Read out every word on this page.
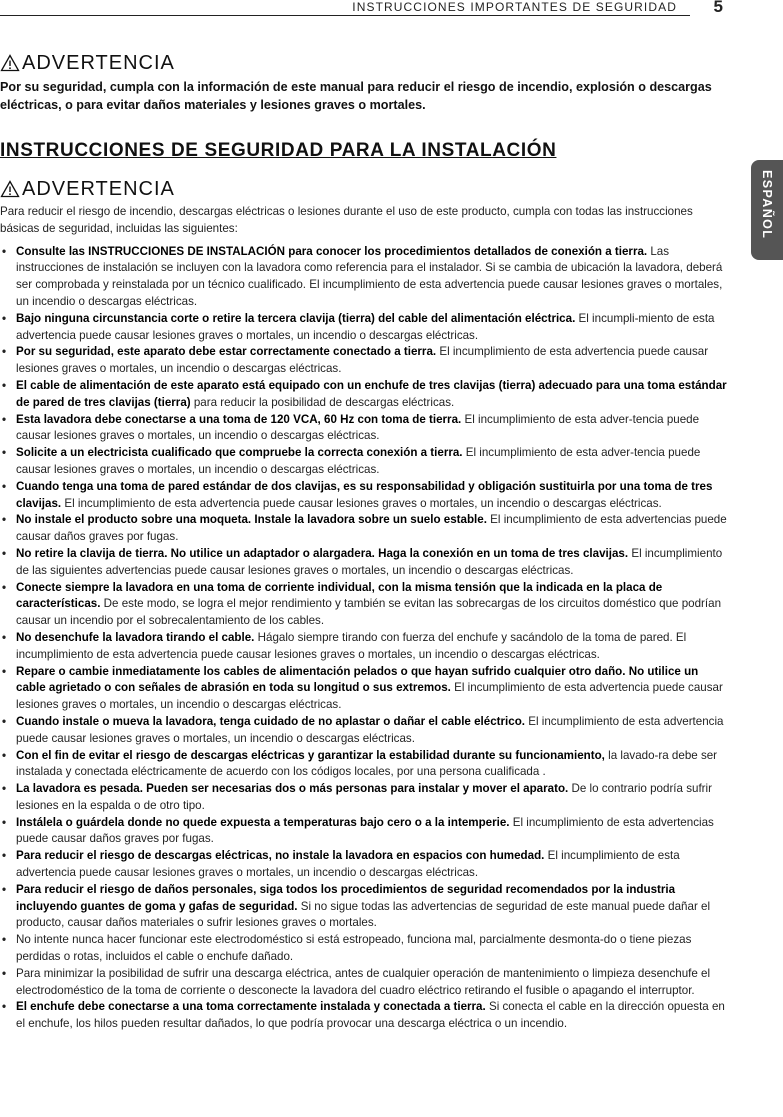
INSTRUCCIONES IMPORTANTES DE SEGURIDAD	5
ESPAÑOL
ADVERTENCIA

Por su seguridad, cumpla con la información de este manual para reducir el riesgo de incendio, explosión o descargas eléctricas, o para evitar daños materiales y lesiones graves o mortales.

INSTRUCCIONES DE SEGURIDAD PARA LA INSTALACIÓN
ADVERTENCIA

Para reducir el riesgo de incendio, descargas eléctricas o lesiones durante el uso de este producto, cumpla con todas las instrucciones básicas de seguridad, incluidas las siguientes:

• Consulte las INSTRUCCIONES DE INSTALACIÓN para conocer los procedimientos detallados de conexión a tierra. Las instrucciones de instalación se incluyen con la lavadora como referencia para el instalador. Si se cambia de ubicación la lavadora, deberá ser comprobada y reinstalada por un técnico cualificado. El incumplimiento de esta advertencia puede causar lesiones graves o mortales, un incendio o descargas eléctricas.
• Bajo ninguna circunstancia corte o retire la tercera clavija (tierra) del cable del alimentación eléctrica. El incumpli-miento de esta advertencia puede causar lesiones graves o mortales, un incendio o descargas eléctricas.
• Por su seguridad, este aparato debe estar correctamente conectado a tierra. El incumplimiento de esta advertencia puede causar lesiones graves o mortales, un incendio o descargas eléctricas.
• El cable de alimentación de este aparato está equipado con un enchufe de tres clavijas (tierra) adecuado para una toma estándar de pared de tres clavijas (tierra) para reducir la posibilidad de descargas eléctricas.
• Esta lavadora debe conectarse a una toma de 120 VCA, 60 Hz con toma de tierra. El incumplimiento de esta adver-tencia puede causar lesiones graves o mortales, un incendio o descargas eléctricas.
• Solicite a un electricista cualificado que compruebe la correcta conexión a tierra. El incumplimiento de esta adver-tencia puede causar lesiones graves o mortales, un incendio o descargas eléctricas.
• Cuando tenga una toma de pared estándar de dos clavijas, es su responsabilidad y obligación sustituirla por una toma de tres clavijas. El incumplimiento de esta advertencia puede causar lesiones graves o mortales, un incendio o descargas eléctricas.
• No instale el producto sobre una moqueta. Instale la lavadora sobre un suelo estable. El incumplimiento de esta advertencias puede causar daños graves por fugas.
• No retire la clavija de tierra. No utilice un adaptador o alargadera. Haga la conexión en un toma de tres clavijas. El incumplimiento de las siguientes advertencias puede causar lesiones graves o mortales, un incendio o descargas eléctricas.
• Conecte siempre la lavadora en una toma de corriente individual, con la misma tensión que la indicada en la placa de características. De este modo, se logra el mejor rendimiento y también se evitan las sobrecargas de los circuitos doméstico que podrían causar un incendio por el sobrecalentamiento de los cables.
• No desenchufe la lavadora tirando el cable. Hágalo siempre tirando con fuerza del enchufe y sacándolo de la toma de pared. El incumplimiento de esta advertencia puede causar lesiones graves o mortales, un incendio o descargas eléctricas.
• Repare o cambie inmediatamente los cables de alimentación pelados o que hayan sufrido cualquier otro daño. No utilice un cable agrietado o con señales de abrasión en toda su longitud o sus extremos. El incumplimiento de esta advertencia puede causar lesiones graves o mortales, un incendio o descargas eléctricas.
• Cuando instale o mueva la lavadora, tenga cuidado de no aplastar o dañar el cable eléctrico. El incumplimiento de esta advertencia puede causar lesiones graves o mortales, un incendio o descargas eléctricas.
• Con el fin de evitar el riesgo de descargas eléctricas y garantizar la estabilidad durante su funcionamiento, la lavado-ra debe ser instalada y conectada eléctricamente de acuerdo con los códigos locales, por una persona cualificada .
• La lavadora es pesada. Pueden ser necesarias dos o más personas para instalar y mover el aparato. De lo contrario podría sufrir lesiones en la espalda o de otro tipo.
• Instálela o guárdela donde no quede expuesta a temperaturas bajo cero o a la intemperie. El incumplimiento de esta advertencias puede causar daños graves por fugas.
• Para reducir el riesgo de descargas eléctricas, no instale la lavadora en espacios con humedad. El incumplimiento de esta advertencia puede causar lesiones graves o mortales, un incendio o descargas eléctricas.
• Para reducir el riesgo de daños personales, siga todos los procedimientos de seguridad recomendados por la industria incluyendo guantes de goma y gafas de seguridad. Si no sigue todas las advertencias de seguridad de este manual puede dañar el producto, causar daños materiales o sufrir lesiones graves o mortales.
• No intente nunca hacer funcionar este electrodoméstico si está estropeado, funciona mal, parcialmente desmonta-do o tiene piezas perdidas o rotas, incluidos el cable o enchufe dañado.
• Para minimizar la posibilidad de sufrir una descarga eléctrica, antes de cualquier operación de mantenimiento o limpieza desenchufe el electrodoméstico de la toma de corriente o desconecte la lavadora del cuadro eléctrico retirando el fusible o apagando el interruptor.
• El enchufe debe conectarse a una toma correctamente instalada y conectada a tierra. Si conecta el cable en la dirección opuesta en el enchufe, los hilos pueden resultar dañados, lo que podría provocar una descarga eléctrica o un incendio.
